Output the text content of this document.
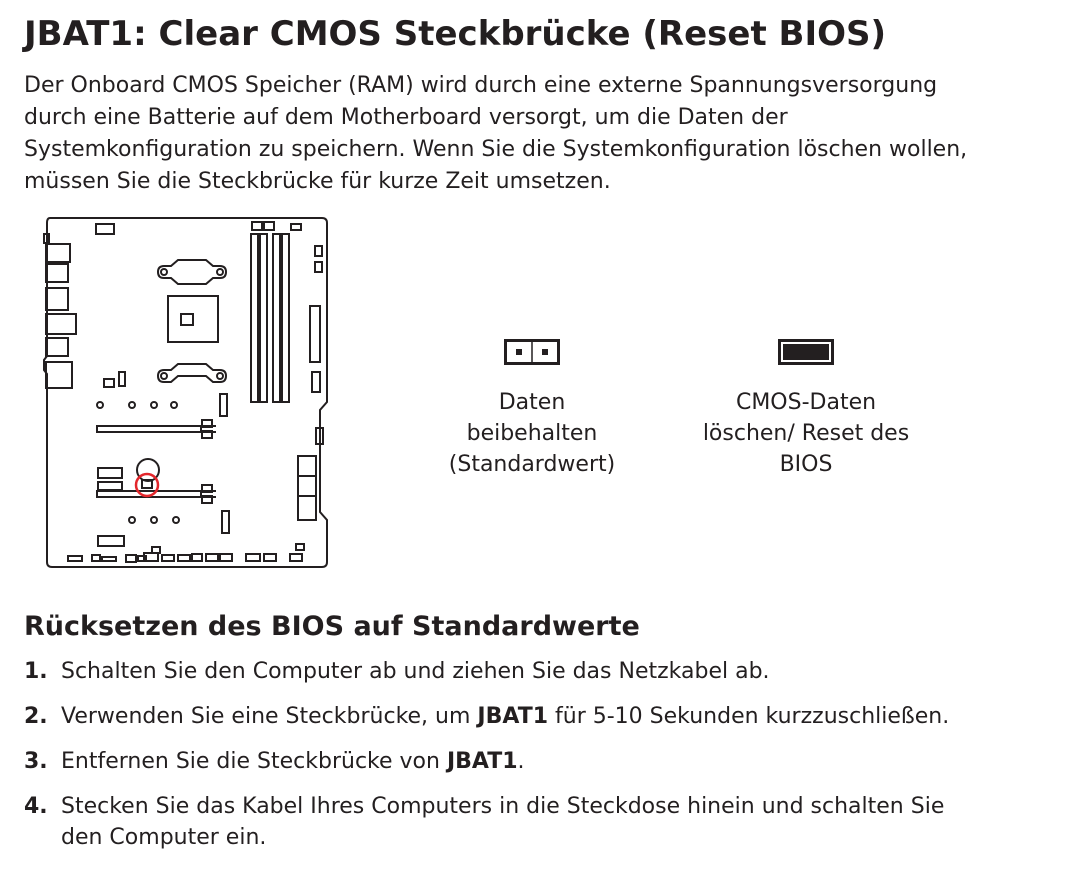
JBAT1: Clear CMOS Steckbrücke (Reset BIOS)
Der Onboard CMOS Speicher (RAM) wird durch eine externe Spannungsversorgung
durch eine Batterie auf dem Motherboard versorgt, um die Daten der
Systemkonfiguration zu speichern. Wenn Sie die Systemkonfiguration löschen wollen,
müssen Sie die Steckbrücke für kurze Zeit umsetzen.
Daten
beibehalten
(Standardwert)
CMOS-Daten
löschen/ Reset des
BIOS
Rücksetzen des BIOS auf Standardwerte
1. Schalten Sie den Computer ab und ziehen Sie das Netzkabel ab.
2. Verwenden Sie eine Steckbrücke, um JBAT1 für 5-10 Sekunden kurzzuschließen.
3. Entfernen Sie die Steckbrücke von JBAT1.
4. Stecken Sie das Kabel Ihres Computers in die Steckdose hinein und schalten Sie
den Computer ein.
